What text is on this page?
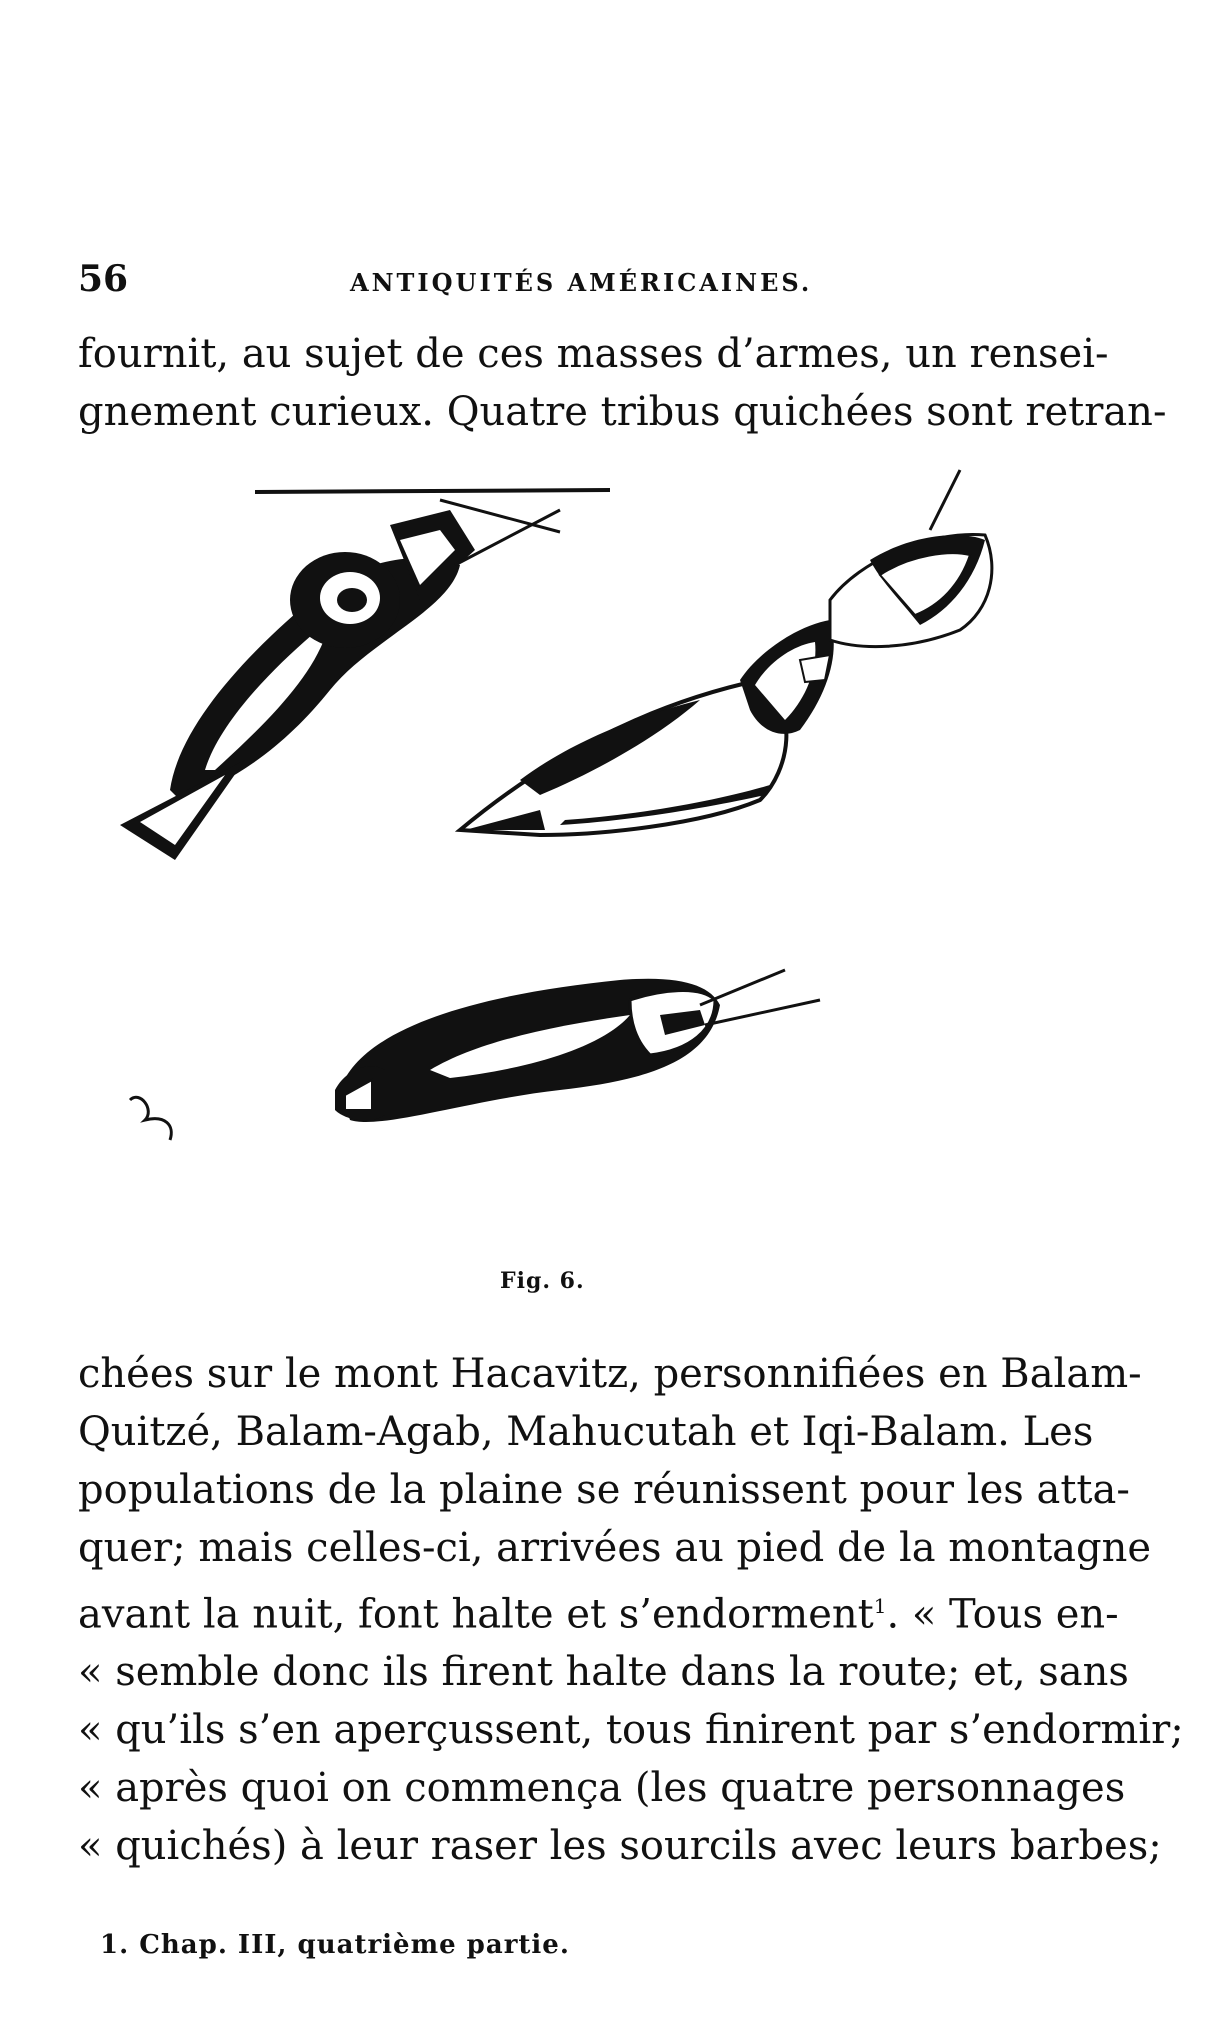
56	ANTIQUITÉS AMÉRICAINES.
fournit, au sujet de ces masses d’armes, un rensei-
gnement curieux. Quatre tribus quichées sont retran-
Fig. 6.
chées sur le mont Hacavitz, personnifiées en Balam-
Quitzé, Balam-Agab, Mahucutah et Iqi-Balam. Les
populations de la plaine se réunissent pour les atta-
quer; mais celles-ci, arrivées au pied de la montagne
avant la nuit, font halte et s’endorment$^1$. « Tous en-
« semble donc ils firent halte dans la route; et, sans
« qu’ils s’en aperçussent, tous finirent par s’endormir;
« après quoi on commença (les quatre personnages
« quichés) à leur raser les sourcils avec leurs barbes;
1. Chap. III, quatrième partie.
